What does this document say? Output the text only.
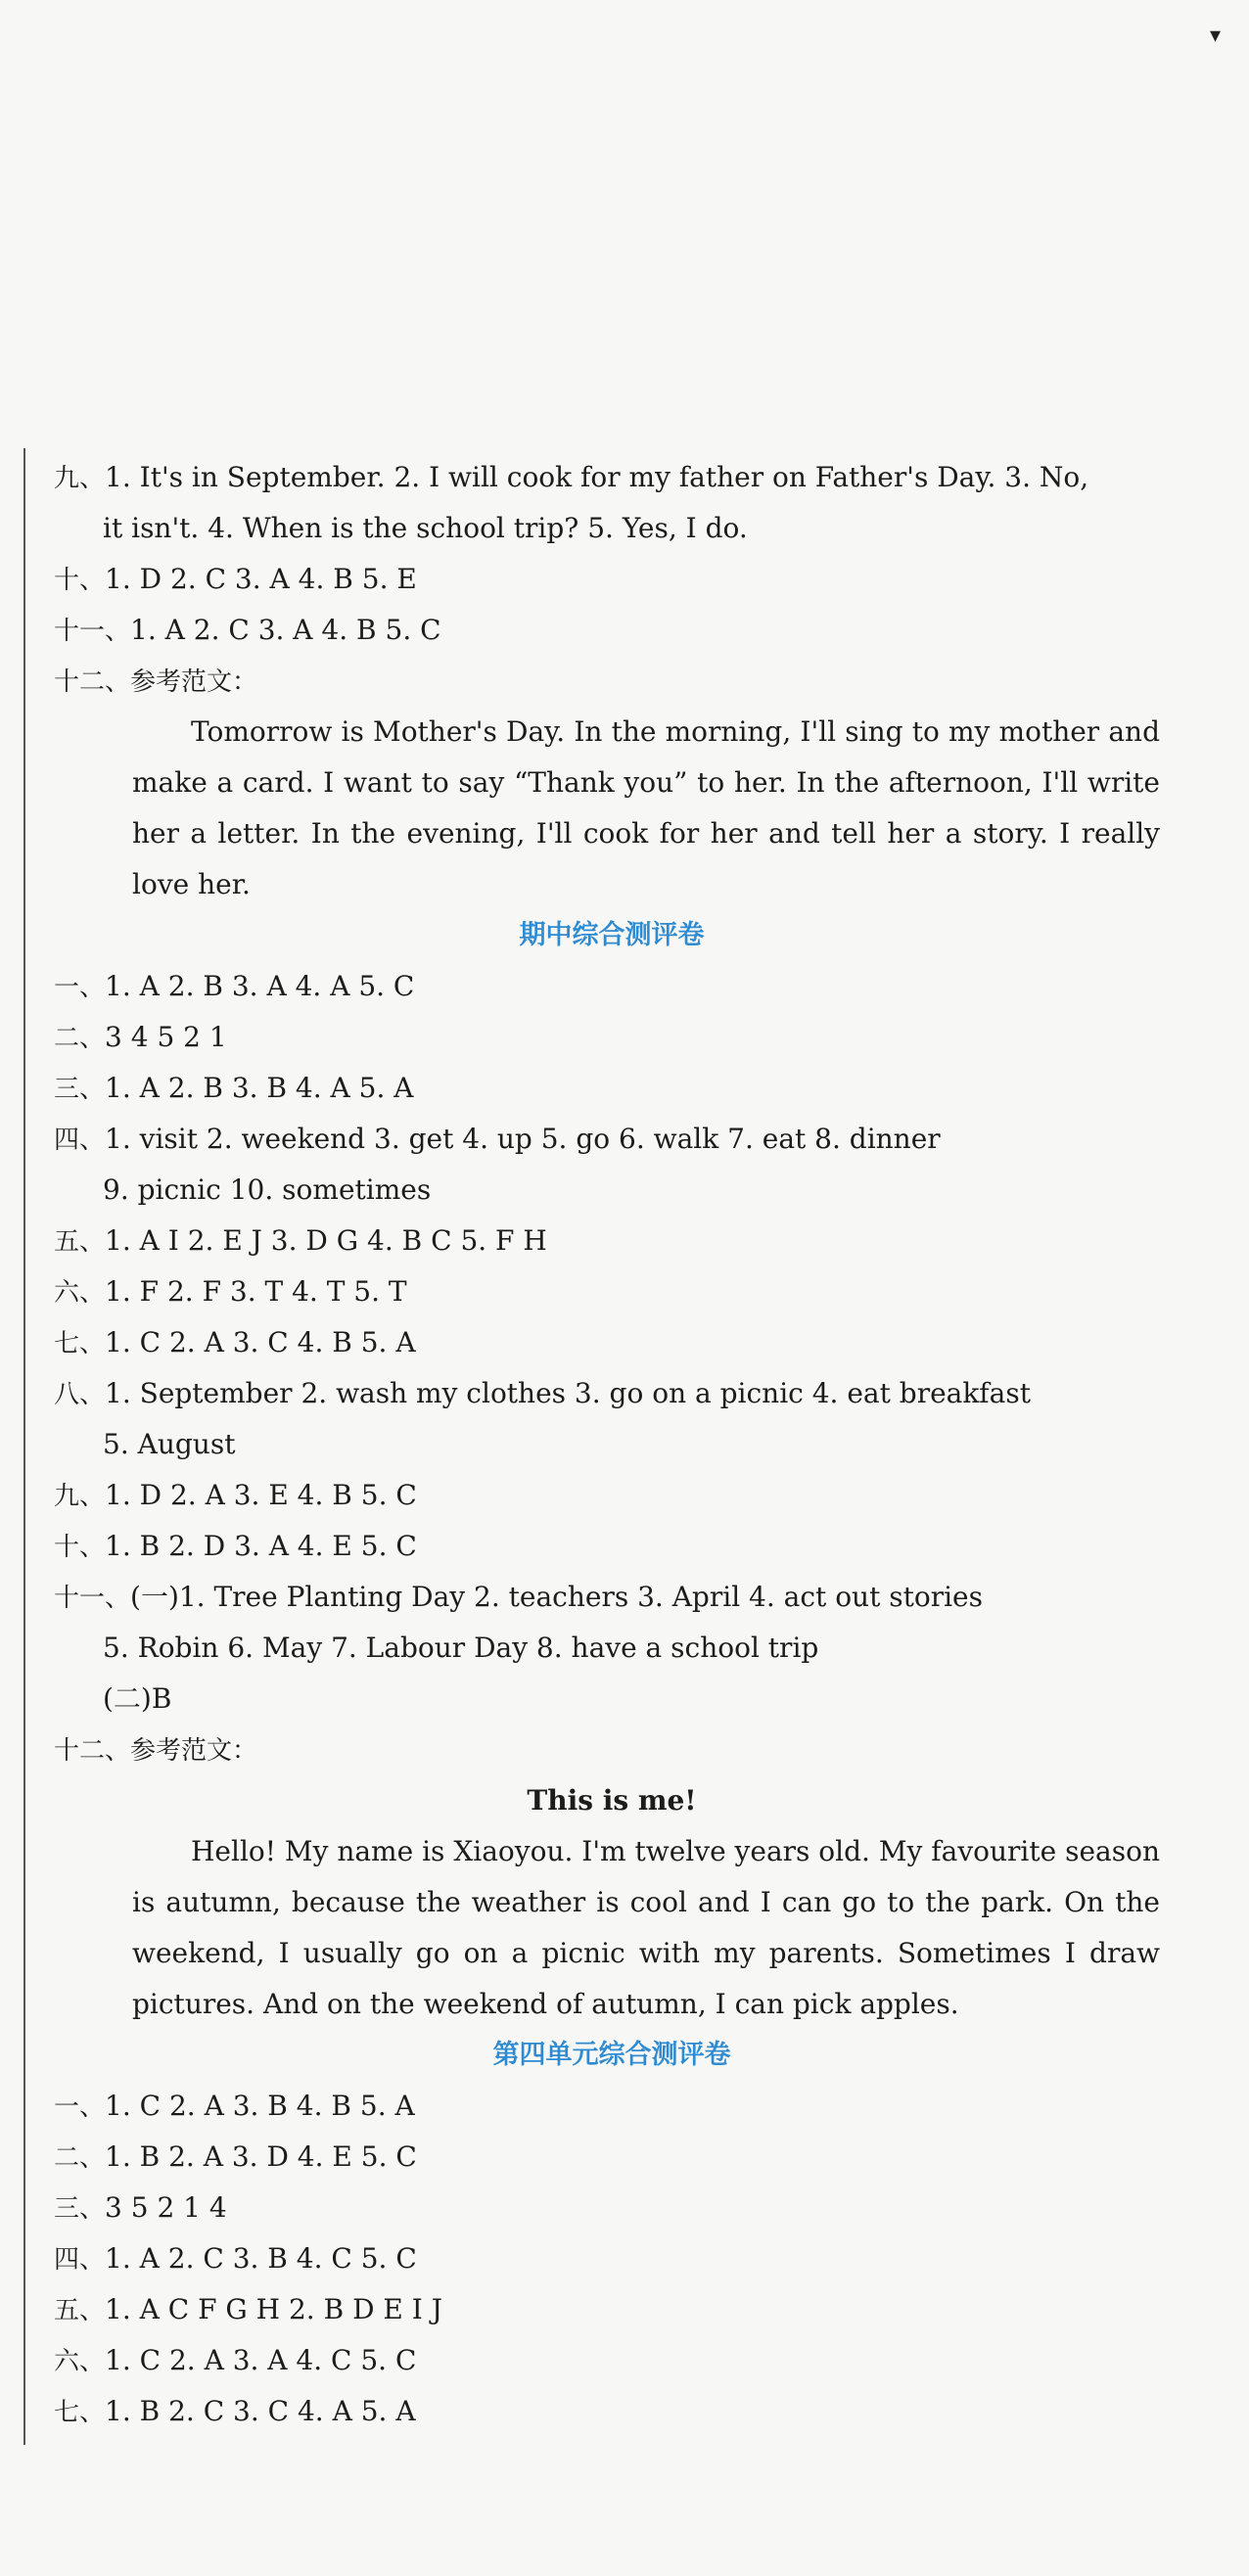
▾
九、1. It's in September. 2. I will cook for my father on Father's Day. 3. No,
it isn't. 4. When is the school trip? 5. Yes, I do.
十、1. D 2. C 3. A 4. B 5. E
十一、1. A 2. C 3. A 4. B 5. C
十二、参考范文：
Tomorrow is Mother's Day. In the morning, I'll sing to my mother and make a card. I want to say “Thank you” to her. In the afternoon, I'll write her a letter. In the evening, I'll cook for her and tell her a story. I really love her.
期中综合测评卷
一、1. A 2. B 3. A 4. A 5. C
二、3 4 5 2 1
三、1. A 2. B 3. B 4. A 5. A
四、1. visit 2. weekend 3. get 4. up 5. go 6. walk 7. eat 8. dinner
9. picnic 10. sometimes
五、1. A I 2. E J 3. D G 4. B C 5. F H
六、1. F 2. F 3. T 4. T 5. T
七、1. C 2. A 3. C 4. B 5. A
八、1. September 2. wash my clothes 3. go on a picnic 4. eat breakfast
5. August
九、1. D 2. A 3. E 4. B 5. C
十、1. B 2. D 3. A 4. E 5. C
十一、(一)1. Tree Planting Day 2. teachers 3. April 4. act out stories
5. Robin 6. May 7. Labour Day 8. have a school trip
(二)B
十二、参考范文：
This is me!
Hello! My name is Xiaoyou. I'm twelve years old. My favourite season is autumn, because the weather is cool and I can go to the park. On the weekend, I usually go on a picnic with my parents. Sometimes I draw pictures. And on the weekend of autumn, I can pick apples.
第四单元综合测评卷
一、1. C 2. A 3. B 4. B 5. A
二、1. B 2. A 3. D 4. E 5. C
三、3 5 2 1 4
四、1. A 2. C 3. B 4. C 5. C
五、1. A C F G H 2. B D E I J
六、1. C 2. A 3. A 4. C 5. C
七、1. B 2. C 3. C 4. A 5. A
